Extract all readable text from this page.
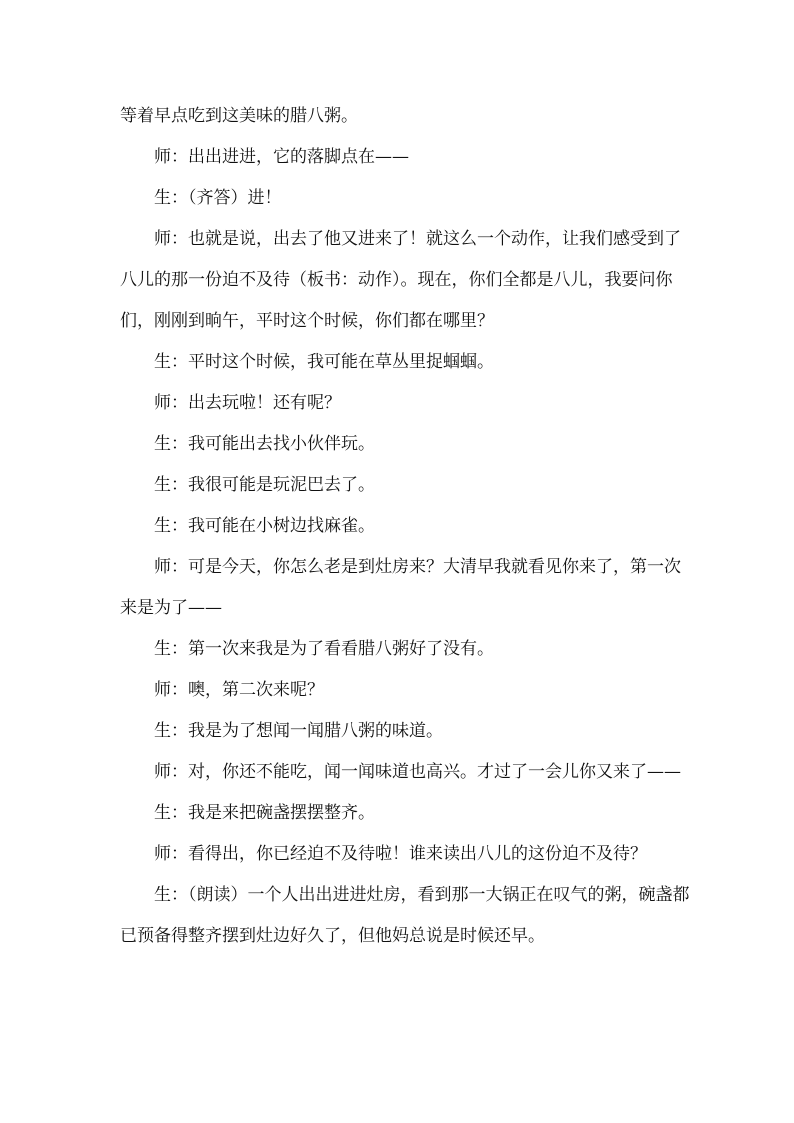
等着早点吃到这美味的腊八粥。

师：出出进进，它的落脚点在——

生：（齐答）进！

师：也就是说，出去了他又进来了！就这么一个动作，让我们感受到了八儿的那一份迫不及待（板书：动作）。现在，你们全都是八儿，我要问你们，刚刚到晌午，平时这个时候，你们都在哪里？

生：平时这个时候，我可能在草丛里捉蝈蝈。

师：出去玩啦！还有呢？

生：我可能出去找小伙伴玩。

生：我很可能是玩泥巴去了。

生：我可能在小树边找麻雀。

师：可是今天，你怎么老是到灶房来？大清早我就看见你来了，第一次来是为了——

生：第一次来我是为了看看腊八粥好了没有。

师：噢，第二次来呢？

生：我是为了想闻一闻腊八粥的味道。

师：对，你还不能吃，闻一闻味道也高兴。才过了一会儿你又来了——

生：我是来把碗盏摆摆整齐。

师：看得出，你已经迫不及待啦！谁来读出八儿的这份迫不及待？

生：（朗读）一个人出出进进灶房，看到那一大锅正在叹气的粥，碗盏都已预备得整齐摆到灶边好久了，但他妈总说是时候还早。
